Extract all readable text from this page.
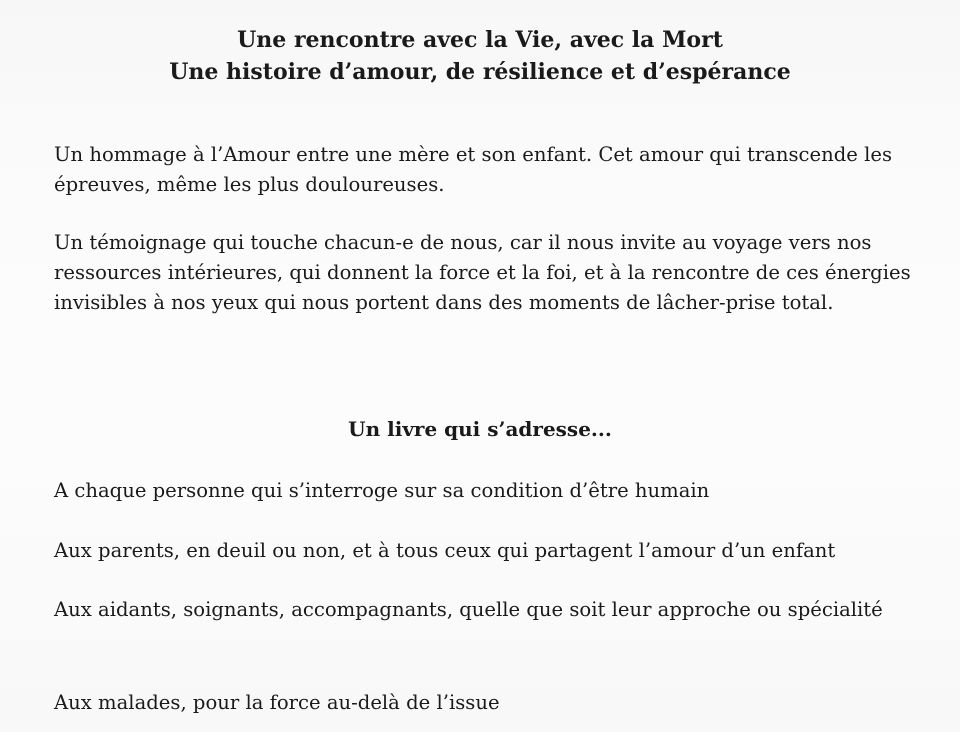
Une rencontre avec la Vie, avec la Mort
Une histoire d’amour, de résilience et d’espérance

Un hommage à l’Amour entre une mère et son enfant. Cet amour qui transcende les épreuves, même les plus douloureuses.

Un témoignage qui touche chacun-e de nous, car il nous invite au voyage vers nos ressources intérieures, qui donnent la force et la foi, et à la rencontre de ces énergies invisibles à nos yeux qui nous portent dans des moments de lâcher-prise total.

Un livre qui s’adresse...

A chaque personne qui s’interroge sur sa condition d’être humain

Aux parents, en deuil ou non, et à tous ceux qui partagent l’amour d’un enfant

Aux aidants, soignants, accompagnants, quelle que soit leur approche ou spécialité

Aux malades, pour la force au-delà de l’issue
